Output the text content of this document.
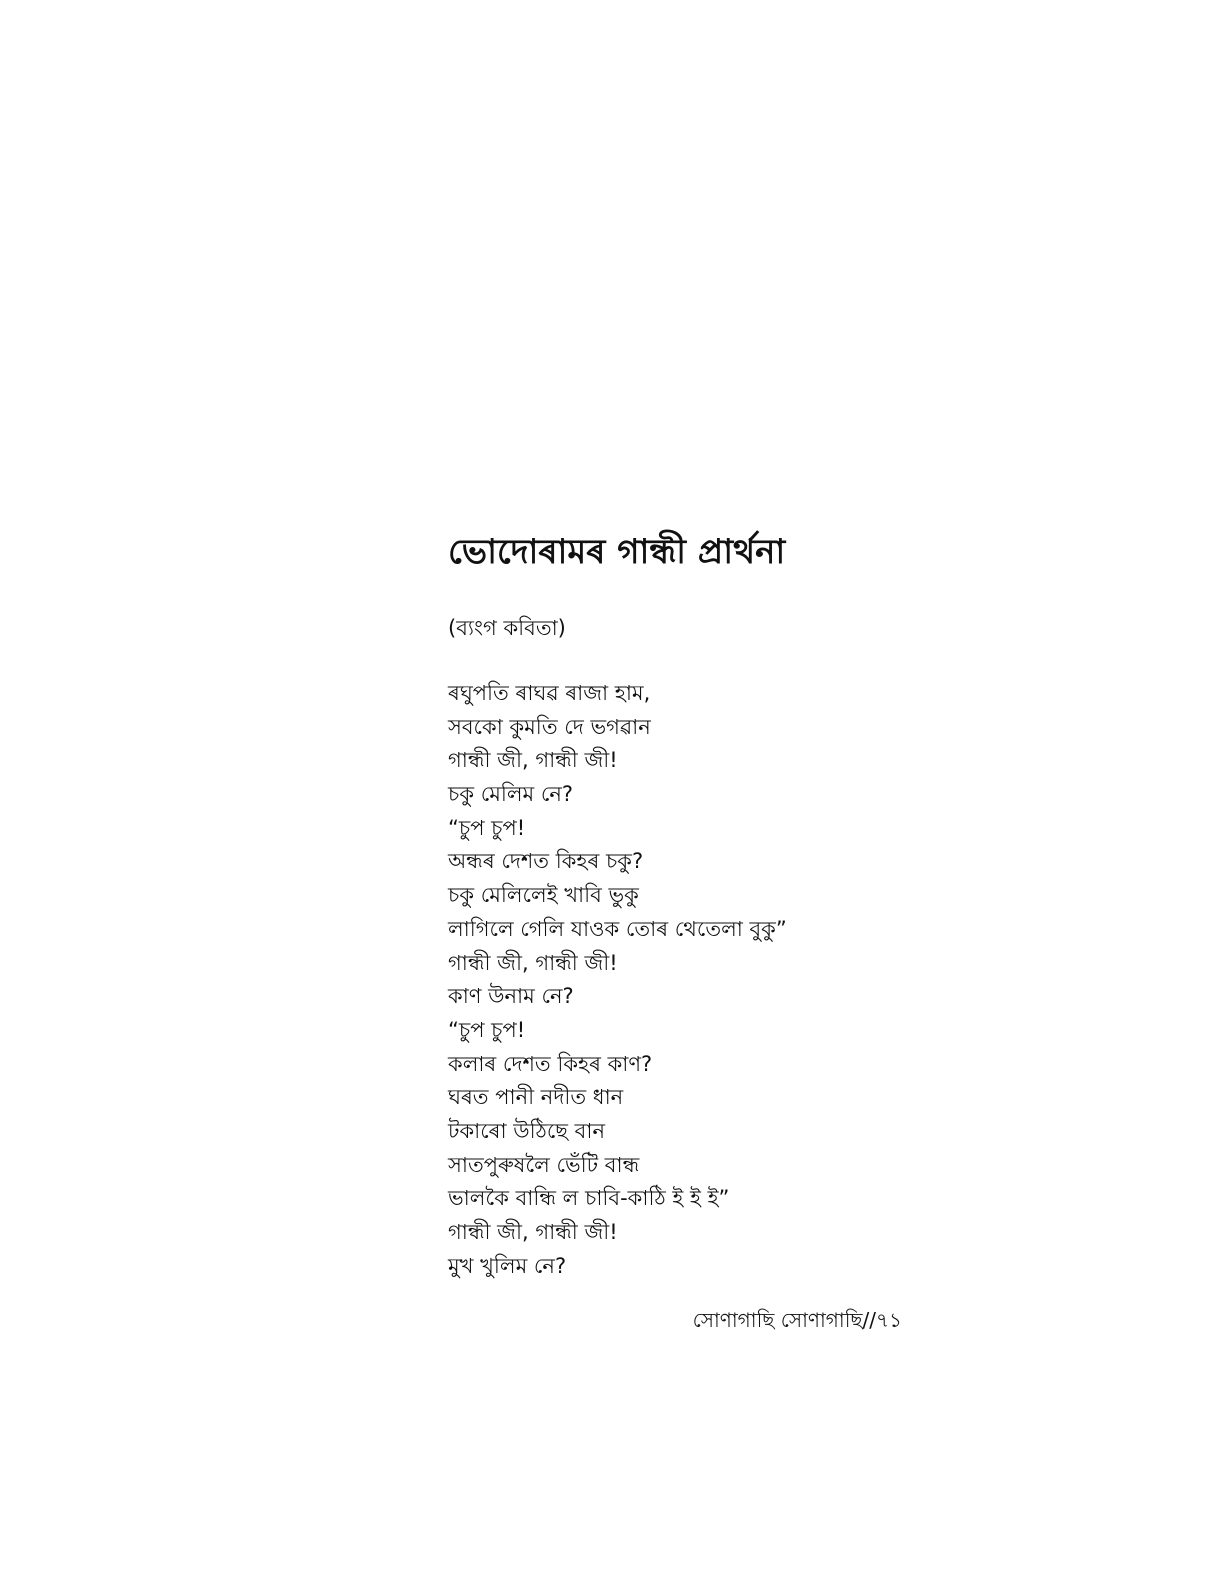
ভোদোৰামৰ গান্ধী প্ৰাৰ্থনা
(ব্যংগ কবিতা)
ৰঘুপতি ৰাঘৱ ৰাজা হাম,
সবকো কুমতি দে ভগৱান
গান্ধী জী, গান্ধী জী!
চকু মেলিম নে?
“চুপ চুপ!
অন্ধৰ দেশত কিহৰ চকু?
চকু মেলিলেই খাবি ভুকু
লাগিলে গেলি যাওক তোৰ থেতেলা বুকু”
গান্ধী জী, গান্ধী জী!
কাণ উনাম নে?
“চুপ চুপ!
কলাৰ দেশত কিহৰ কাণ?
ঘৰত পানী নদীত ধান
টকাৰো উঠিছে বান
সাতপুৰুষলৈ ভেঁটি বান্ধ
ভালকৈ বান্ধি ল চাবি-কাঠি ই ই ই”
গান্ধী জী, গান্ধী জী!
মুখ খুলিম নে?
সোণাগাছি সোণাগাছি//৭১
